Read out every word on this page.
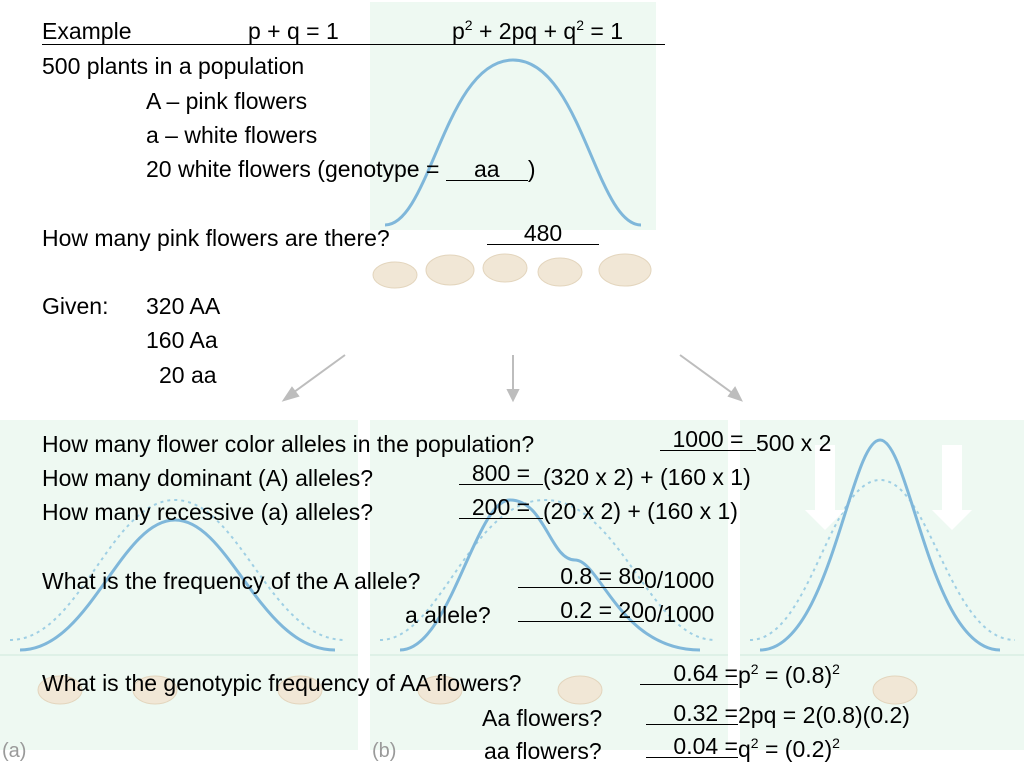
(a)	(b)
Example	p + q = 1	$p^2 + 2pq + q^2 = 1$
500 plants in a population
A – pink flowers
a – white flowers
20 white flowers (genotype = aa )
How many pink flowers are there?	480
Given: 320 AA
160 Aa
20 aa
How many flower color alleles in the population?	1000 = 500 x 2
How many dominant (A) alleles?	800 = (320 x 2) + (160 x 1)
How many recessive (a) alleles?	200 = (20 x 2) + (160 x 1)
What is the frequency of the A allele?	0.8 = 80 0/1000
a allele?	0.2 = 20 0/1000
What is the genotypic frequency of AA flowers?	$0.64 = p^2 = (0.8)^2$
Aa flowers?	0.32 = 2pq = 2(0.8)(0.2)
aa flowers?	$0.04 = q^2 = (0.2)^2$
